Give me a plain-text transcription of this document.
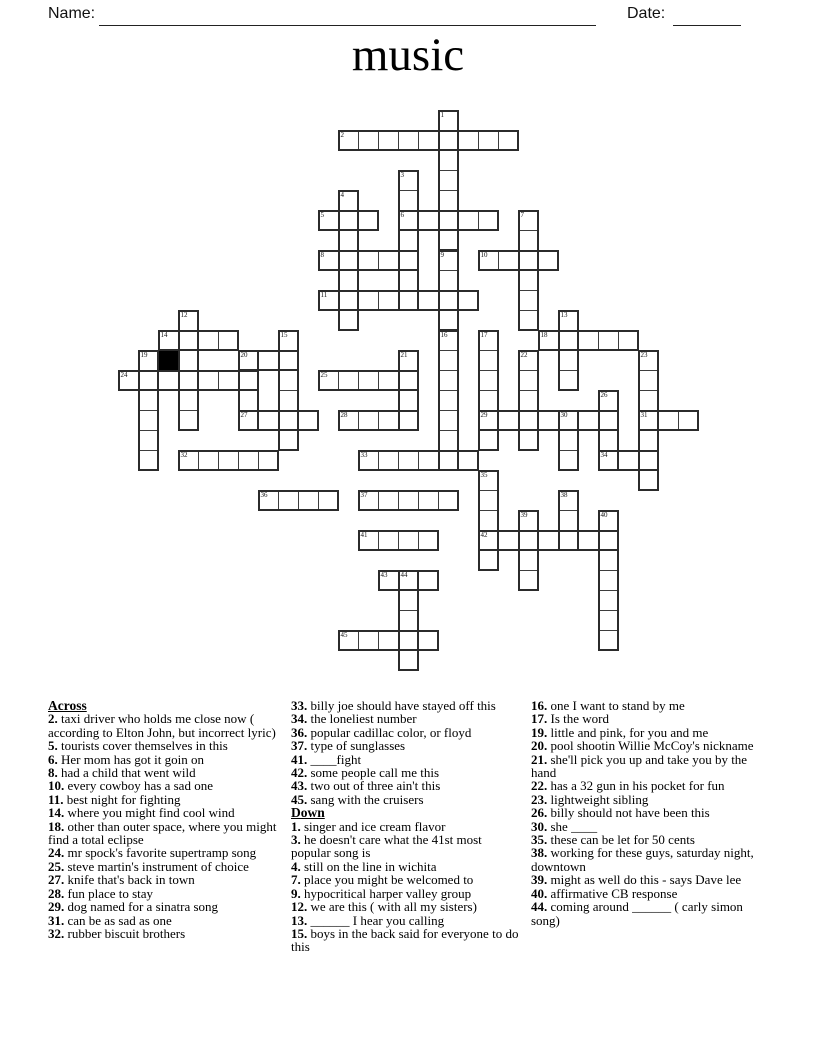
Name:	Date:
music
2
5	6
8	10
11
14	18
24	25
27	28	29	30	31
32	33	34
36	37
41	42
43 44
45
20
1
3
4
7
9
12	13
15	16	17
19	21	22	23
26
35
38
39	40
Across
2. taxi driver who holds me close now ( according to Elton John, but incorrect lyric)
5. tourists cover themselves in this
6. Her mom has got it goin on
8. had a child that went wild
10. every cowboy has a sad one
11. best night for fighting
14. where you might find cool wind
18. other than outer space, where you might find a total eclipse
24. mr spock's favorite supertramp song
25. steve martin's instrument of choice
27. knife that's back in town
28. fun place to stay
29. dog named for a sinatra song
31. can be as sad as one
32. rubber biscuit brothers
33. billy joe should have stayed off this
34. the loneliest number
36. popular cadillac color, or floyd
37. type of sunglasses
41. ____fight
42. some people call me this
43. two out of three ain't this
45. sang with the cruisers
Down
1. singer and ice cream flavor
3. he doesn't care what the 41st most popular song is
4. still on the line in wichita
7. place you might be welcomed to
9. hypocritical harper valley group
12. we are this ( with all my sisters)
13. ______ I hear you calling
15. boys in the back said for everyone to do this
16. one I want to stand by me
17. Is the word
19. little and pink, for you and me
20. pool shootin Willie McCoy's nickname
21. she'll pick you up and take you by the hand
22. has a 32 gun in his pocket for fun
23. lightweight sibling
26. billy should not have been this
30. she ____
35. these can be let for 50 cents
38. working for these guys, saturday night, downtown
39. might as well do this - says Dave lee
40. affirmative CB response
44. coming around ______ ( carly simon song)
